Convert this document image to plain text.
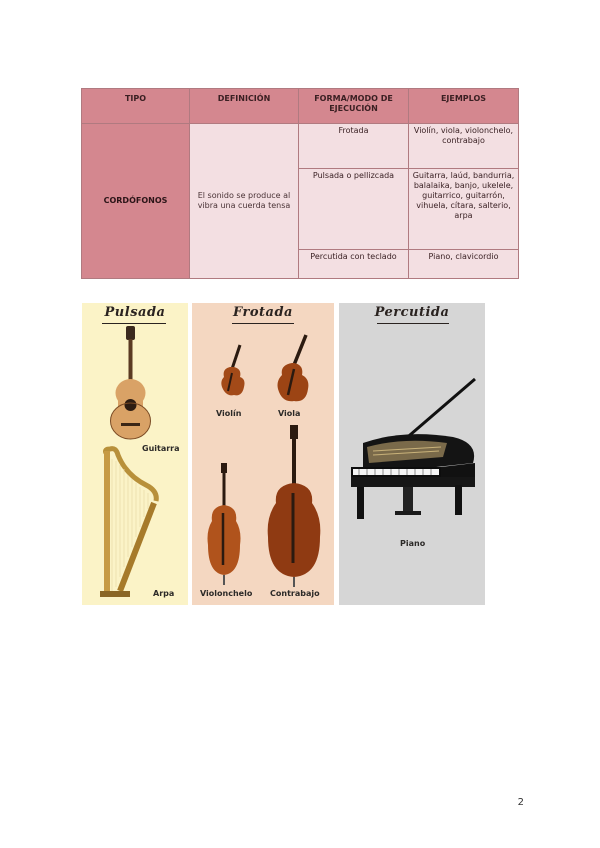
TIPO	DEFINICIÓN	FORMA/MODO DE EJECUCIÓN	EJEMPLOS
CORDÓFONOS	El sonido se produce al vibra una cuerda tensa	Frotada	Violín, viola, violonchelo, contrabajo
		Pulsada o pellizcada	Guitarra, laúd, bandurria, balalaika, banjo, ukelele, guitarrico, guitarrón, vihuela, cítara, salterio, arpa
		Percutida con teclado	Piano, clavicordio
Pulsada
Guitarra
Arpa
Frotada
Violín	Viola
Violonchelo Contrabajo
Percutida
Piano
2
